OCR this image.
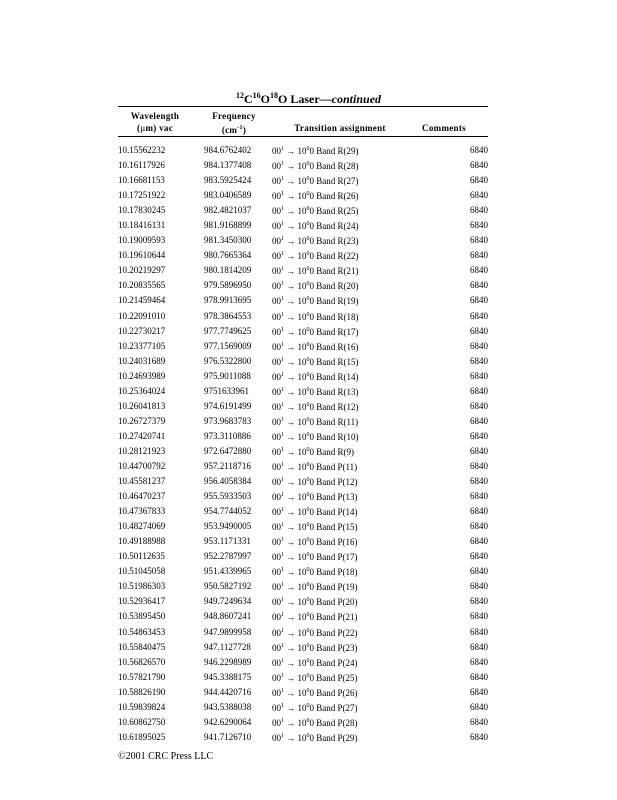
$^{12}C^{16}O^{18}O$ Laser—continued
Wavelength
(μm) vac
Frequency
$(cm^{-1})$	Transition assignment	Comments
10.15562232	984.6762402	$00^1 \to 10^00$ Band R(29)	6840
10.16117926	984.1377408	$00^1 \to 10^00$ Band R(28)	6840
10.16681153	983.5925424	$00^1 \to 10^00$ Band R(27)	6840
10.17251922	983.0406589	$00^1 \to 10^00$ Band R(26)	6840
10.17830245	982.4821037	$00^1 \to 10^00$ Band R(25)	6840
10.18416131	981.9168899	$00^1 \to 10^00$ Band R(24)	6840
10.19009593	981.3450300	$00^1 \to 10^00$ Band R(23)	6840
10.19610644	980.7665364	$00^1 \to 10^00$ Band R(22)	6840
10.20219297	980.1814209	$00^1 \to 10^00$ Band R(21)	6840
10.20835565	979.5896950	$00^1 \to 10^00$ Band R(20)	6840
10.21459464	978.9913695	$00^1 \to 10^00$ Band R(19)	6840
10.22091010	978.3864553	$00^1 \to 10^00$ Band R(18)	6840
10.22730217	977.7749625	$00^1 \to 10^00$ Band R(17)	6840
10.23377105	977.1569009	$00^1 \to 10^00$ Band R(16)	6840
10.24031689	976.5322800	$00^1 \to 10^00$ Band R(15)	6840
10.24693989	975.9011088	$00^1 \to 10^00$ Band R(14)	6840
10.25364024	9751633961	$00^1 \to 10^00$ Band R(13)	6840
10.26041813	974.6191499	$00^1 \to 10^00$ Band R(12)	6840
10.26727379	973.9683783	$00^1 \to 10^00$ Band R(11)	6840
10.27420741	973.3110886	$00^1 \to 10^00$ Band R(10)	6840
10.28121923	972.6472880	$00^1 \to 10^00$ Band R(9)	6840
10.44700792	957.2118716	$00^1 \to 10^00$ Band P(11)	6840
10.45581237	956.4058384	$00^1 \to 10^00$ Band P(12)	6840
10.46470237	955.5933503	$00^1 \to 10^00$ Band P(13)	6840
10.47367833	954.7744052	$00^1 \to 10^00$ Band P(14)	6840
10.48274069	953.9490005	$00^1 \to 10^00$ Band P(15)	6840
10.49188988	953.1171331	$00^1 \to 10^00$ Band P(16)	6840
10.50112635	952.2787997	$00^1 \to 10^00$ Band P(17)	6840
10.51045058	951.4339965	$00^1 \to 10^00$ Band P(18)	6840
10.51986303	950.5827192	$00^1 \to 10^00$ Band P(19)	6840
10.52936417	949.7249634	$00^1 \to 10^00$ Band P(20)	6840
10.53895450	948.8607241	$00^1 \to 10^00$ Band P(21)	6840
10.54863453	947.9899958	$00^1 \to 10^00$ Band P(22)	6840
10.55840475	947.1127728	$00^1 \to 10^00$ Band P(23)	6840
10.56826570	946.2298989	$00^1 \to 10^00$ Band P(24)	6840
10.57821790	945.3388175	$00^1 \to 10^00$ Band P(25)	6840
10.58826190	944.4420716	$00^1 \to 10^00$ Band P(26)	6840
10.59839824	943.5388038	$00^1 \to 10^00$ Band P(27)	6840
10.60862750	942.6290064	$00^1 \to 10^00$ Band P(28)	6840
10.61895025	941.7126710	$00^1 \to 10^00$ Band P(29)	6840
©2001 CRC Press LLC
